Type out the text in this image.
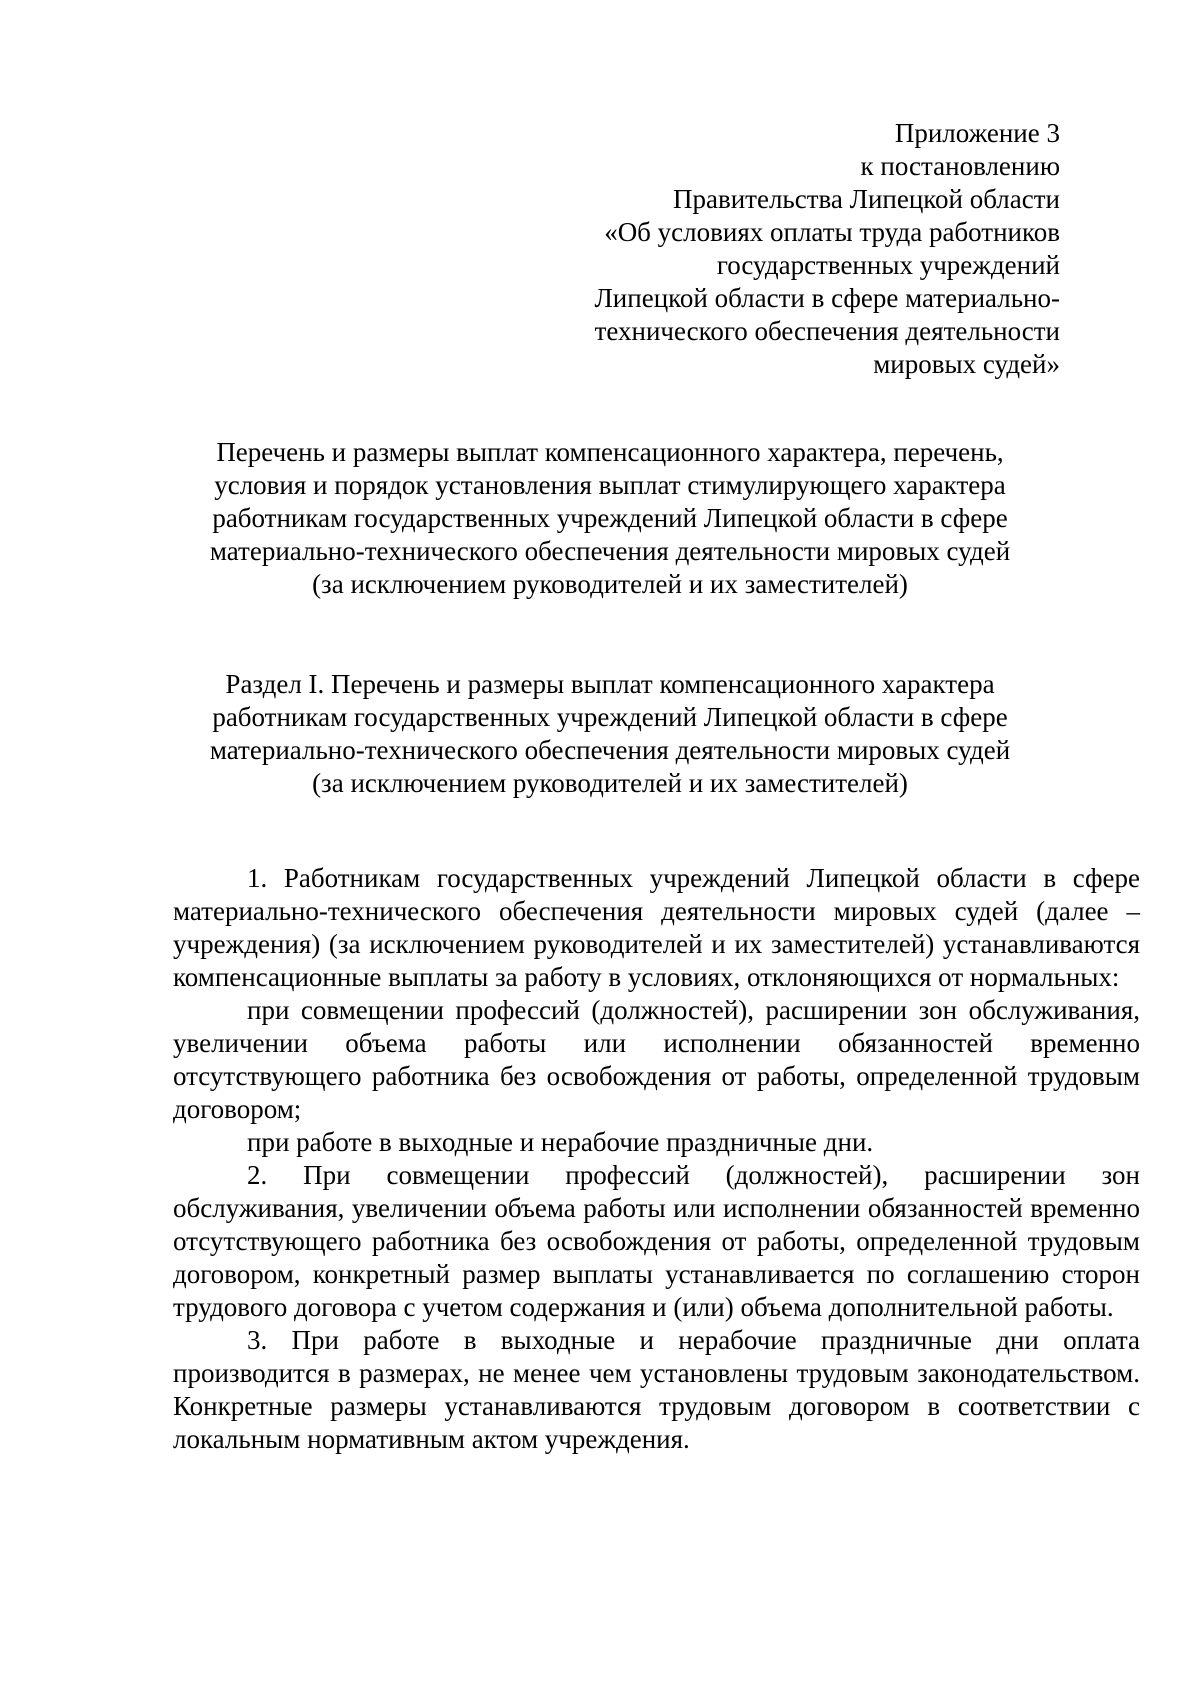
Приложение 3
к постановлению
Правительства Липецкой области
«Об условиях оплаты труда работников
государственных учреждений
Липецкой области в сфере материально-
технического обеспечения деятельности
мировых судей»
Перечень и размеры выплат компенсационного характера, перечень,
условия и порядок установления выплат стимулирующего характера
работникам государственных учреждений Липецкой области в сфере
материально-технического обеспечения деятельности мировых судей
(за исключением руководителей и их заместителей)
Раздел I. Перечень и размеры выплат компенсационного характера
работникам государственных учреждений Липецкой области в сфере
материально-технического обеспечения деятельности мировых судей
(за исключением руководителей и их заместителей)

1. Работникам государственных учреждений Липецкой области в сфере материально-технического обеспечения деятельности мировых судей (далее – учреждения) (за исключением руководителей и их заместителей) устанавливаются компенсационные выплаты за работу в условиях, отклоняющихся от нормальных:

при совмещении профессий (должностей), расширении зон обслуживания, увеличении объема работы или исполнении обязанностей временно отсутствующего работника без освобождения от работы, определенной трудовым договором;

при работе в выходные и нерабочие праздничные дни.

2. При совмещении профессий (должностей), расширении зон обслуживания, увеличении объема работы или исполнении обязанностей временно отсутствующего работника без освобождения от работы, определенной трудовым договором, конкретный размер выплаты устанавливается по соглашению сторон трудового договора с учетом содержания и (или) объема дополнительной работы.

3. При работе в выходные и нерабочие праздничные дни оплата производится в размерах, не менее чем установлены трудовым законодательством. Конкретные размеры устанавливаются трудовым договором в соответствии с локальным нормативным актом учреждения.
